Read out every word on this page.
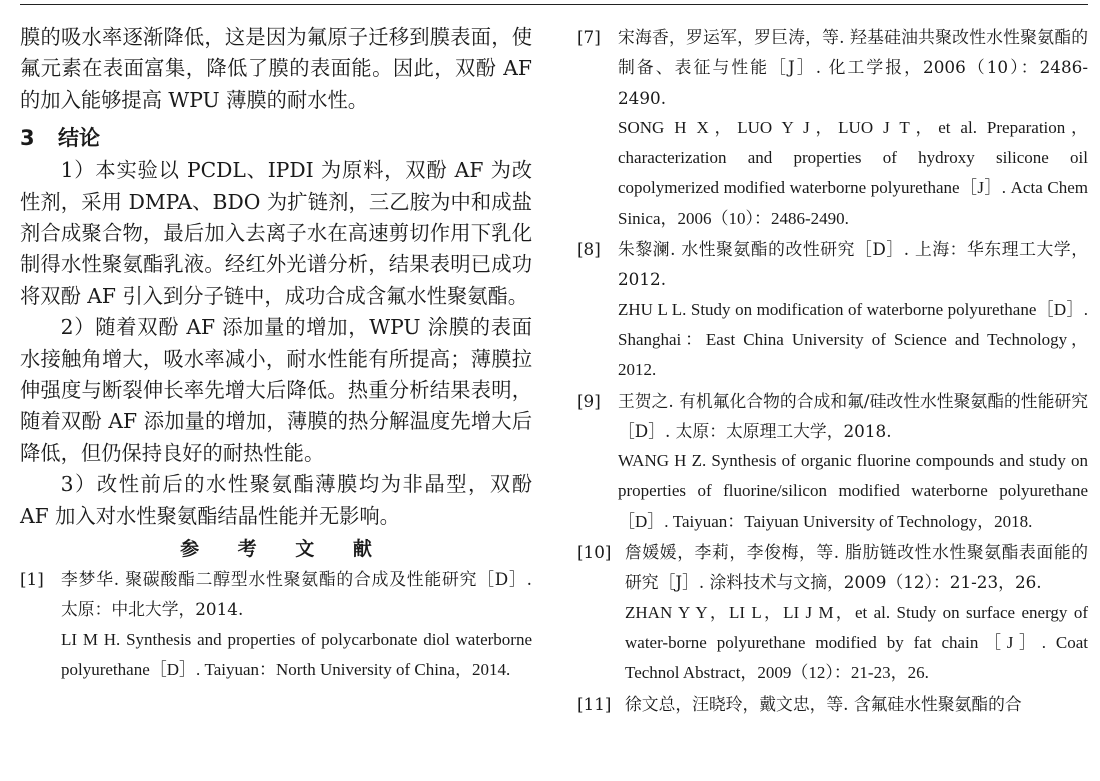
膜的吸水率逐渐降低，这是因为氟原子迁移到膜表面，使氟元素在表面富集，降低了膜的表面能。因此，双酚 AF 的加入能够提高 WPU 薄膜的耐水性。

3 结论

1）本实验以 PCDL、IPDI 为原料，双酚 AF 为改性剂，采用 DMPA、BDO 为扩链剂，三乙胺为中和成盐剂合成聚合物，最后加入去离子水在高速剪切作用下乳化制得水性聚氨酯乳液。经红外光谱分析，结果表明已成功将双酚 AF 引入到分子链中，成功合成含氟水性聚氨酯。

2）随着双酚 AF 添加量的增加，WPU 涂膜的表面水接触角增大，吸水率减小，耐水性能有所提高；薄膜拉伸强度与断裂伸长率先增大后降低。热重分析结果表明，随着双酚 AF 添加量的增加，薄膜的热分解温度先增大后降低，但仍保持良好的耐热性能。

3）改性前后的水性聚氨酯薄膜均为非晶型，双酚 AF 加入对水性聚氨酯结晶性能并无影响。

参 考 文 献
[1] 李梦华. 聚碳酸酯二醇型水性聚氨酯的合成及性能研究［D］. 太原：中北大学，2014.

LI M H. Synthesis and properties of polycarbonate diol waterborne polyurethane［D］. Taiyuan：North University of China，2014.

[7] 宋海香，罗运军，罗巨涛，等. 羟基硅油共聚改性水性聚氨酯的制备、表征与性能［J］. 化工学报，2006（10）：2486-2490.

SONG H X，LUO Y J，LUO J T，et al. Preparation，characterization and properties of hydroxy silicone oil copolymerized modified waterborne polyurethane［J］. Acta Chem Sinica，2006（10）：2486-2490.

[8] 朱黎澜. 水性聚氨酯的改性研究［D］. 上海：华东理工大学，2012.

ZHU L L. Study on modification of waterborne polyurethane［D］. Shanghai：East China University of Science and Technology，2012.

[9] 王贺之. 有机氟化合物的合成和氟/硅改性水性聚氨酯的性能研究［D］. 太原：太原理工大学，2018.

WANG H Z. Synthesis of organic fluorine compounds and study on properties of fluorine/silicon modified waterborne polyurethane［D］. Taiyuan：Taiyuan University of Technology，2018.

[10] 詹媛媛，李莉，李俊梅，等. 脂肪链改性水性聚氨酯表面能的研究［J］. 涂料技术与文摘，2009（12）：21-23，26.

ZHAN Y Y，LI L，LI J M，et al. Study on surface energy of water-borne polyurethane modified by fat chain［J］. Coat Technol Abstract，2009（12）：21-23，26.

[11] 徐文总，汪晓玲，戴文忠，等. 含氟硅水性聚氨酯的合
